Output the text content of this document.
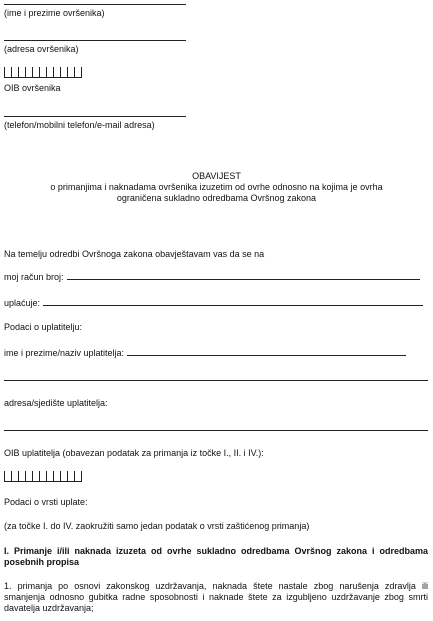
(ime i prezime ovršenika)
(adresa ovršenika)
OIB ovršenika
(telefon/mobilni telefon/e-mail adresa)
OBAVIJEST
o primanjima i naknadama ovršenika izuzetim od ovrhe odnosno na kojima je ovrha
ograničena sukladno odredbama Ovršnog zakona
Na temelju odredbi Ovršnoga zakona obavještavam vas da se na
moj račun broj:
uplaćuje:
Podaci o uplatitelju:
ime i prezime/naziv uplatitelja:
adresa/sjedište uplatitelja:
OIB uplatitelja (obavezan podatak za primanja iz točke I., II. i IV.):
Podaci o vrsti uplate:
(za točke I. do IV. zaokružiti samo jedan podatak o vrsti zaštićenog primanja)
I. Primanje i/ili naknada izuzeta od ovrhe sukladno odredbama Ovršnog zakona i odredbama posebnih propisa
1. primanja po osnovi zakonskog uzdržavanja, naknada štete nastale zbog narušenja zdravlja ili smanjenja odnosno gubitka radne sposobnosti i naknade štete za izgubljeno uzdržavanje zbog smrti davatelja uzdržavanja;
